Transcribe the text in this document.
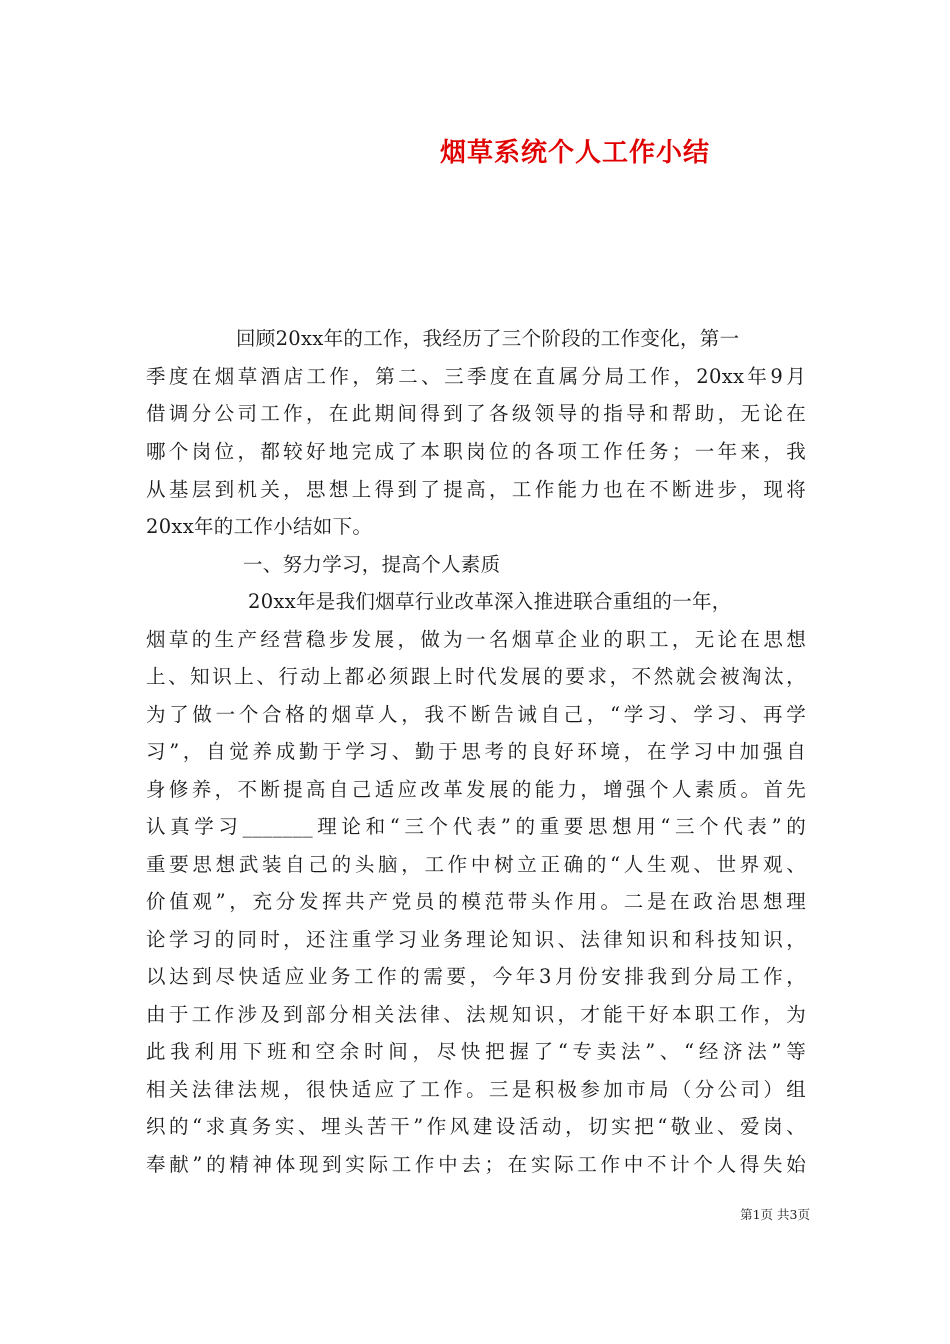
烟草系统个人工作小结
回顾20xx年的工作，我经历了三个阶段的工作变化，第一
季度在烟草酒店工作，第二、三季度在直属分局工作，20xx年9月
借调分公司工作，在此期间得到了各级领导的指导和帮助，无论在
哪个岗位，都较好地完成了本职岗位的各项工作任务；一年来，我
从基层到机关，思想上得到了提高，工作能力也在不断进步，现将
20xx年的工作小结如下。
一、努力学习，提高个人素质
20xx年是我们烟草行业改革深入推进联合重组的一年，
烟草的生产经营稳步发展，做为一名烟草企业的职工，无论在思想
上、知识上、行动上都必须跟上时代发展的要求，不然就会被淘汰，
为了做一个合格的烟草人，我不断告诫自己，“学习、学习、再学
习”，自觉养成勤于学习、勤于思考的良好环境，在学习中加强自
身修养，不断提高自己适应改革发展的能力，增强个人素质。首先
认真学习_______理论和“三个代表”的重要思想用“三个代表”的
重要思想武装自己的头脑，工作中树立正确的“人生观、世界观、
价值观”，充分发挥共产党员的模范带头作用。二是在政治思想理
论学习的同时，还注重学习业务理论知识、法律知识和科技知识，
以达到尽快适应业务工作的需要，今年3月份安排我到分局工作，
由于工作涉及到部分相关法律、法规知识，才能干好本职工作，为
此我利用下班和空余时间，尽快把握了“专卖法”、“经济法”等
相关法律法规，很快适应了工作。三是积极参加市局（分公司）组
织的“求真务实、埋头苦干”作风建设活动，切实把“敬业、爱岗、
奉献”的精神体现到实际工作中去；在实际工作中不计个人得失始
第1页 共3页
